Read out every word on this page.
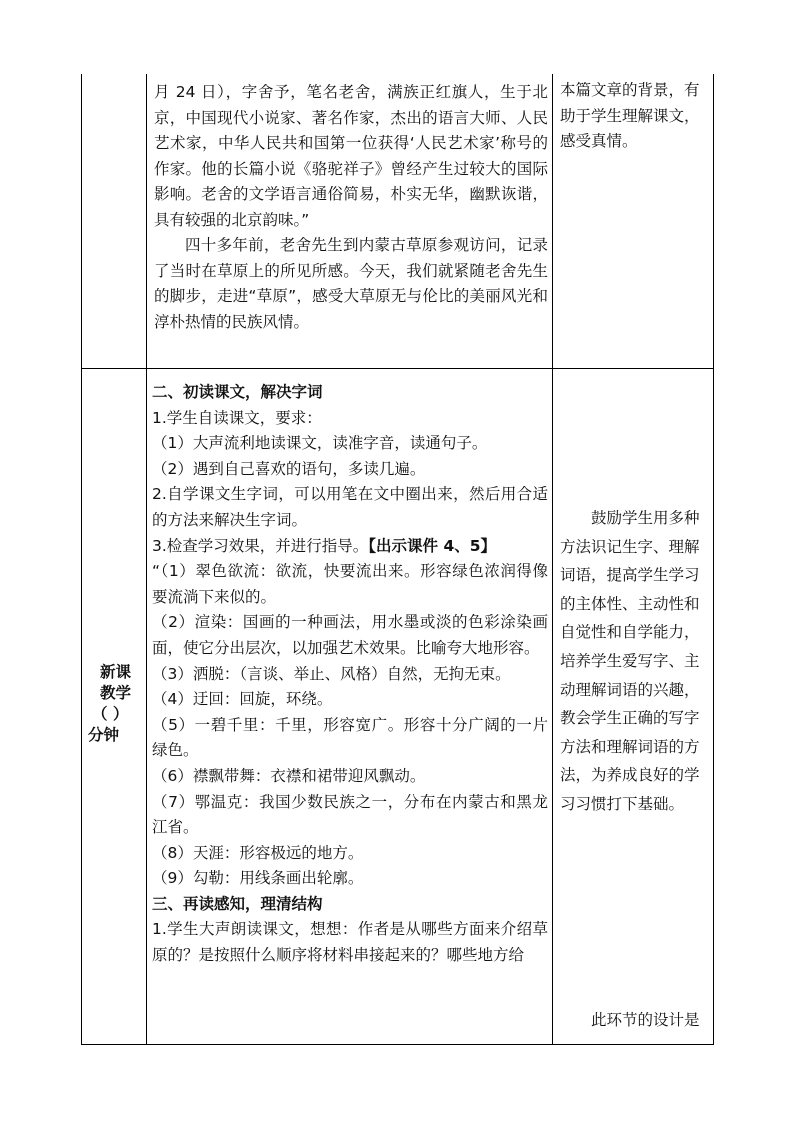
月 24 日），字舍予，笔名老舍，满族正红旗人，生于北京，中国现代小说家、著名作家，杰出的语言大师、人民艺术家，中华人民共和国第一位获得‘人民艺术家’称号的作家。他的长篇小说《骆驼祥子》曾经产生过较大的国际影响。老舍的文学语言通俗简易，朴实无华，幽默诙谐，具有较强的北京韵味。”

四十多年前，老舍先生到内蒙古草原参观访问，记录了当时在草原上的所见所感。今天，我们就紧随老舍先生的脚步，走进“草原”，感受大草原无与伦比的美丽风光和淳朴热情的民族风情。

本篇文章的背景，有助于学生理解课文，感受真情。
新课
教学
（ ）
分钟

二、初读课文，解决字词

1.学生自读课文，要求：

（1）大声流利地读课文，读准字音，读通句子。

（2）遇到自己喜欢的语句，多读几遍。

2.自学课文生字词，可以用笔在文中圈出来，然后用合适的方法来解决生字词。

3.检查学习效果，并进行指导。【出示课件 4、5】

“（1）翠色欲流：欲流，快要流出来。形容绿色浓润得像要流淌下来似的。

（2）渲染：国画的一种画法，用水墨或淡的色彩涂染画面，使它分出层次，以加强艺术效果。比喻夸大地形容。

（3）洒脱：（言谈、举止、风格）自然，无拘无束。

（4）迂回：回旋，环绕。

（5）一碧千里：千里，形容宽广。形容十分广阔的一片绿色。

（6）襟飘带舞：衣襟和裙带迎风飘动。

（7）鄂温克：我国少数民族之一，分布在内蒙古和黑龙江省。

（8）天涯：形容极远的地方。

（9）勾勒：用线条画出轮廓。

三、再读感知，理清结构

1.学生大声朗读课文，想想：作者是从哪些方面来介绍草原的？是按照什么顺序将材料串接起来的？哪些地方给

鼓励学生用多种方法识记生字、理解词语，提高学生学习的主体性、主动性和自觉性和自学能力，培养学生爱写字、主动理解词语的兴趣，教会学生正确的写字方法和理解词语的方法，为养成良好的学习习惯打下基础。
此环节的设计是
